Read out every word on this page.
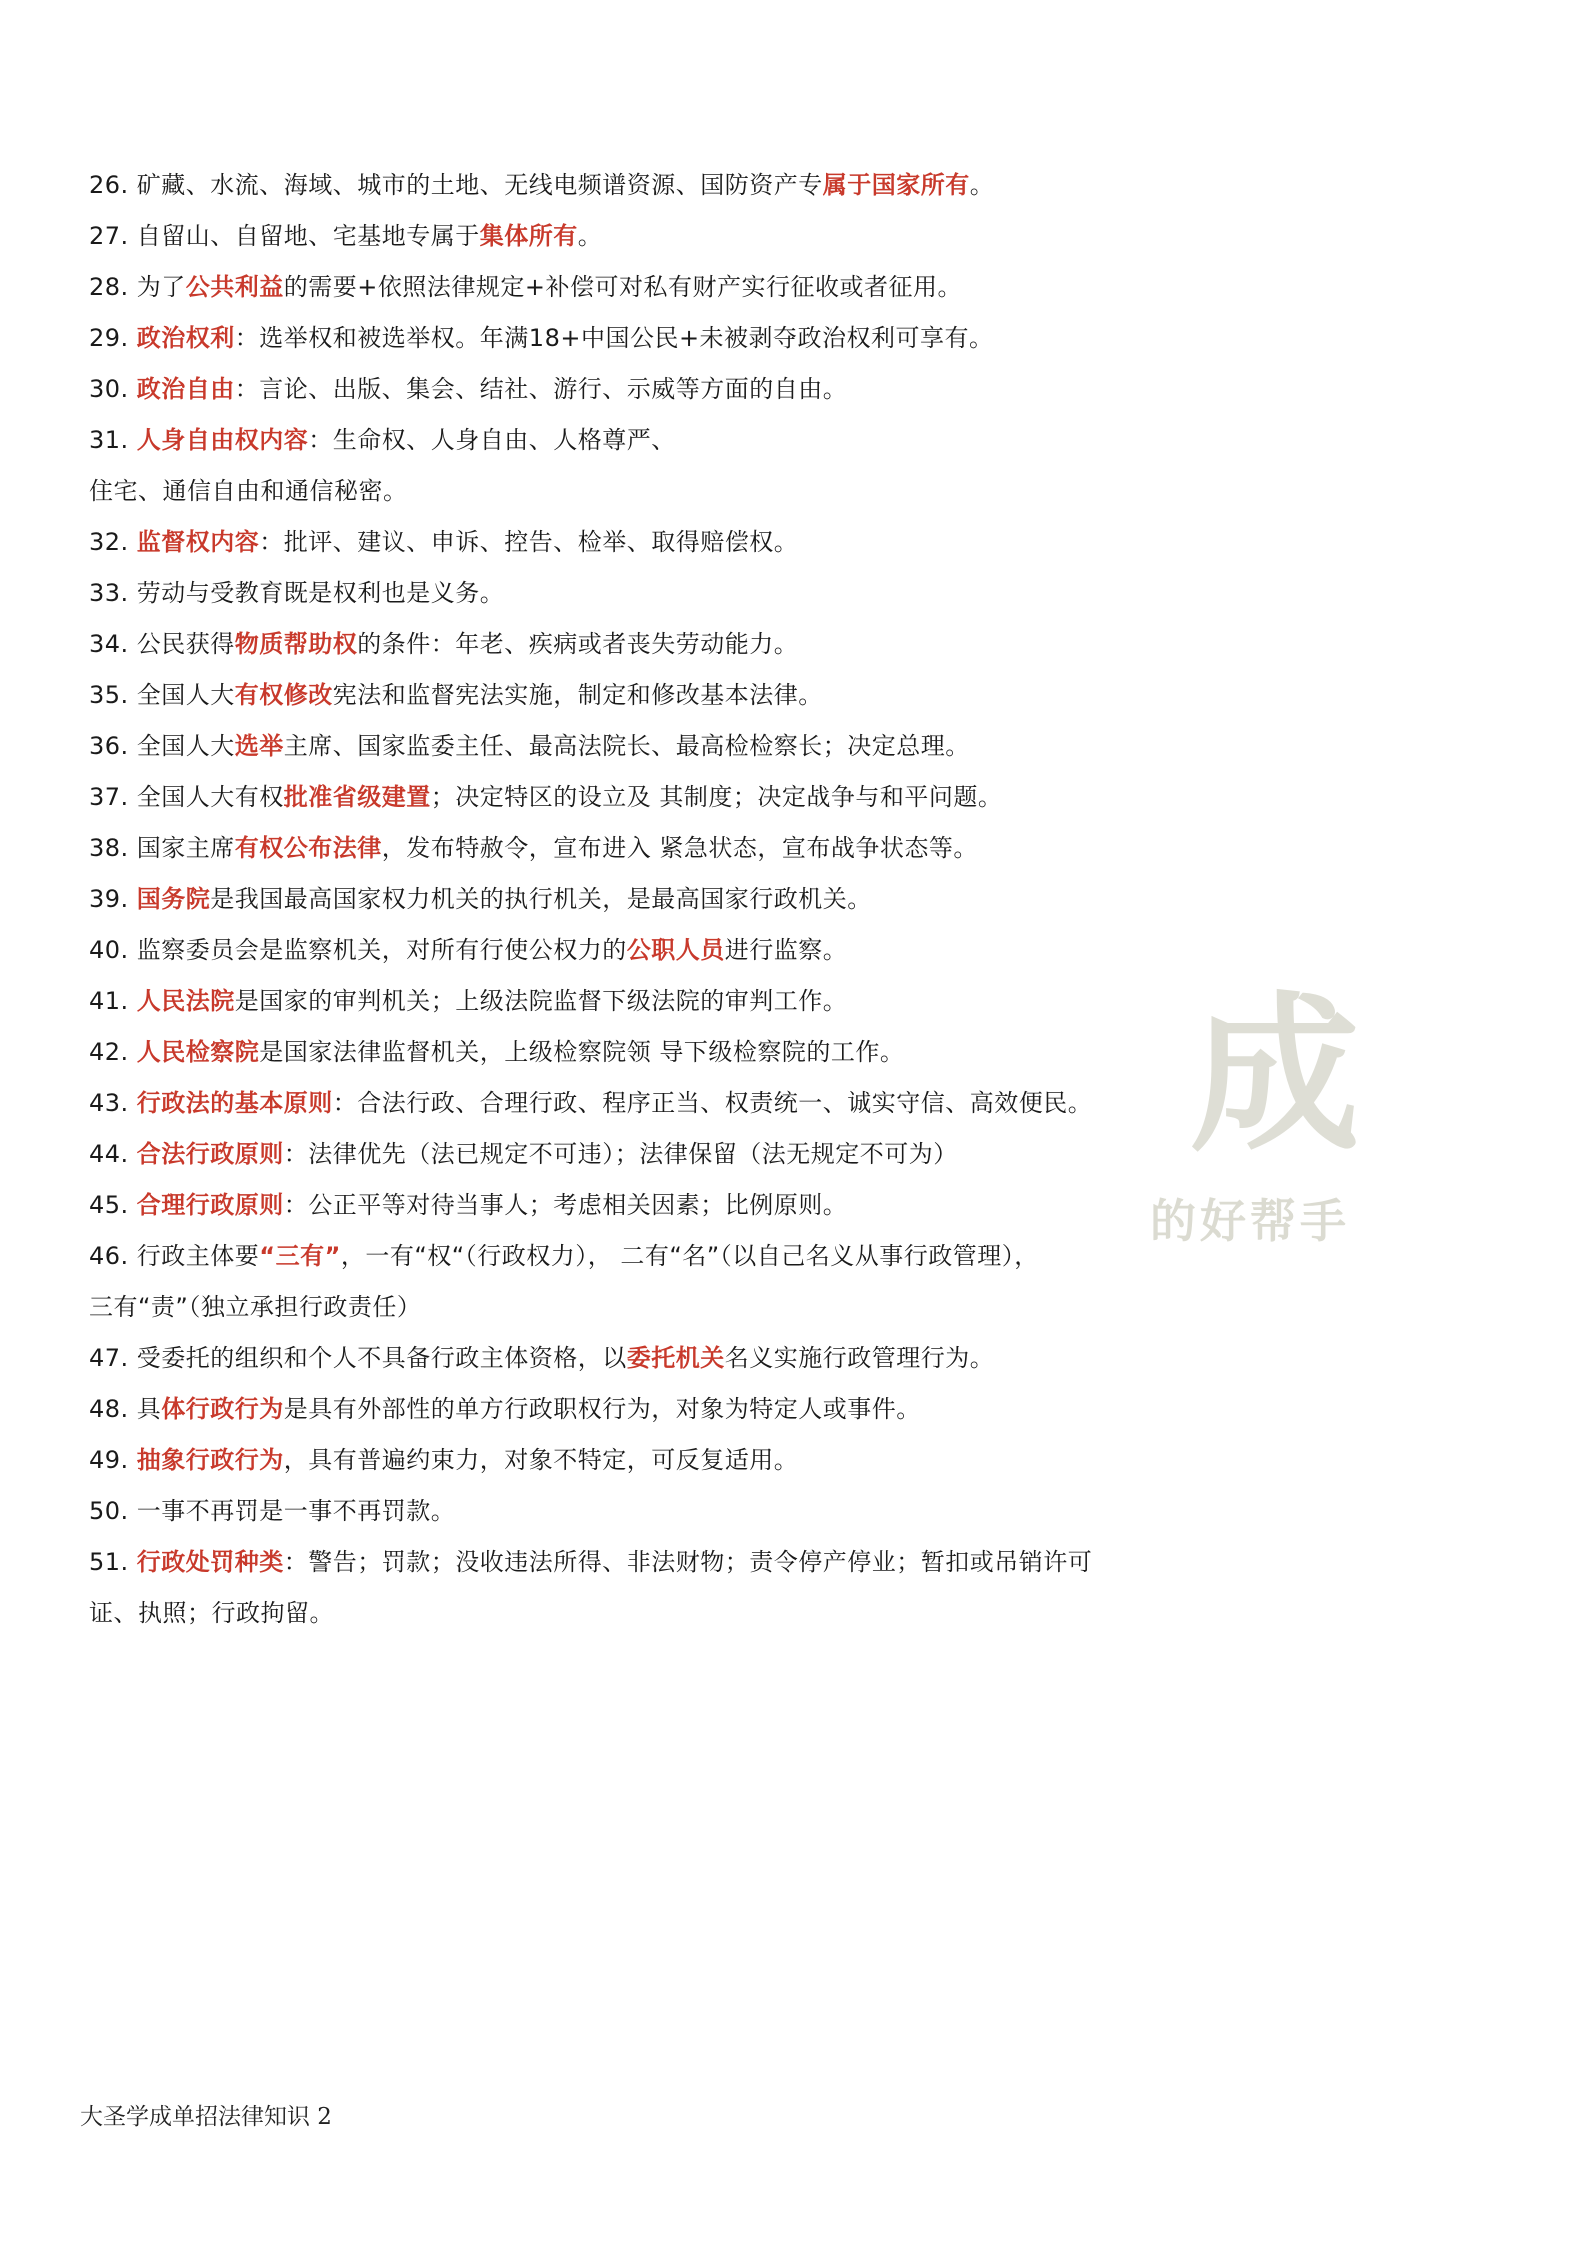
26. 矿藏、水流、海域、城市的土地、无线电频谱资源、国防资产专属于国家所有。
27. 自留山、自留地、宅基地专属于集体所有。
28. 为了公共利益的需要+依照法律规定+补偿可对私有财产实行征收或者征用。
29. 政治权利：选举权和被选举权。年满18+中国公民+未被剥夺政治权利可享有。
30. 政治自由：言论、出版、集会、结社、游行、示威等方面的自由。
31. 人身自由权内容：生命权、人身自由、人格尊严、
住宅、通信自由和通信秘密。
32. 监督权内容：批评、建议、申诉、控告、检举、取得赔偿权。
33. 劳动与受教育既是权利也是义务。
34. 公民获得物质帮助权的条件：年老、疾病或者丧失劳动能力。
35. 全国人大有权修改宪法和监督宪法实施，制定和修改基本法律。
36. 全国人大选举主席、国家监委主任、最高法院长、最高检检察长；决定总理。
37. 全国人大有权批准省级建置；决定特区的设立及 其制度；决定战争与和平问题。
38. 国家主席有权公布法律，发布特赦令，宣布进入 紧急状态，宣布战争状态等。
39. 国务院是我国最高国家权力机关的执行机关，是最高国家行政机关。
40. 监察委员会是监察机关，对所有行使公权力的公职人员进行监察。
41. 人民法院是国家的审判机关；上级法院监督下级法院的审判工作。
42. 人民检察院是国家法律监督机关，上级检察院领 导下级检察院的工作。
43. 行政法的基本原则：合法行政、合理行政、程序正当、权责统一、诚实守信、高效便民。
44. 合法行政原则：法律优先（法已规定不可违）；法律保留（法无规定不可为）
45. 合理行政原则：公正平等对待当事人；考虑相关因素；比例原则。
46. 行政主体要“三有”，一有“权“（行政权力）， 二有“名”（以自己名义从事行政管理），
三有“责”（独立承担行政责任）
47. 受委托的组织和个人不具备行政主体资格，以委托机关名义实施行政管理行为。
48. 具体行政行为是具有外部性的单方行政职权行为，对象为特定人或事件。
49. 抽象行政行为，具有普遍约束力，对象不特定，可反复适用。
50. 一事不再罚是一事不再罚款。
51. 行政处罚种类：警告；罚款；没收违法所得、非法财物；责令停产停业；暂扣或吊销许可
证、执照；行政拘留。
成
的好帮手
大圣学成单招法律知识 2
